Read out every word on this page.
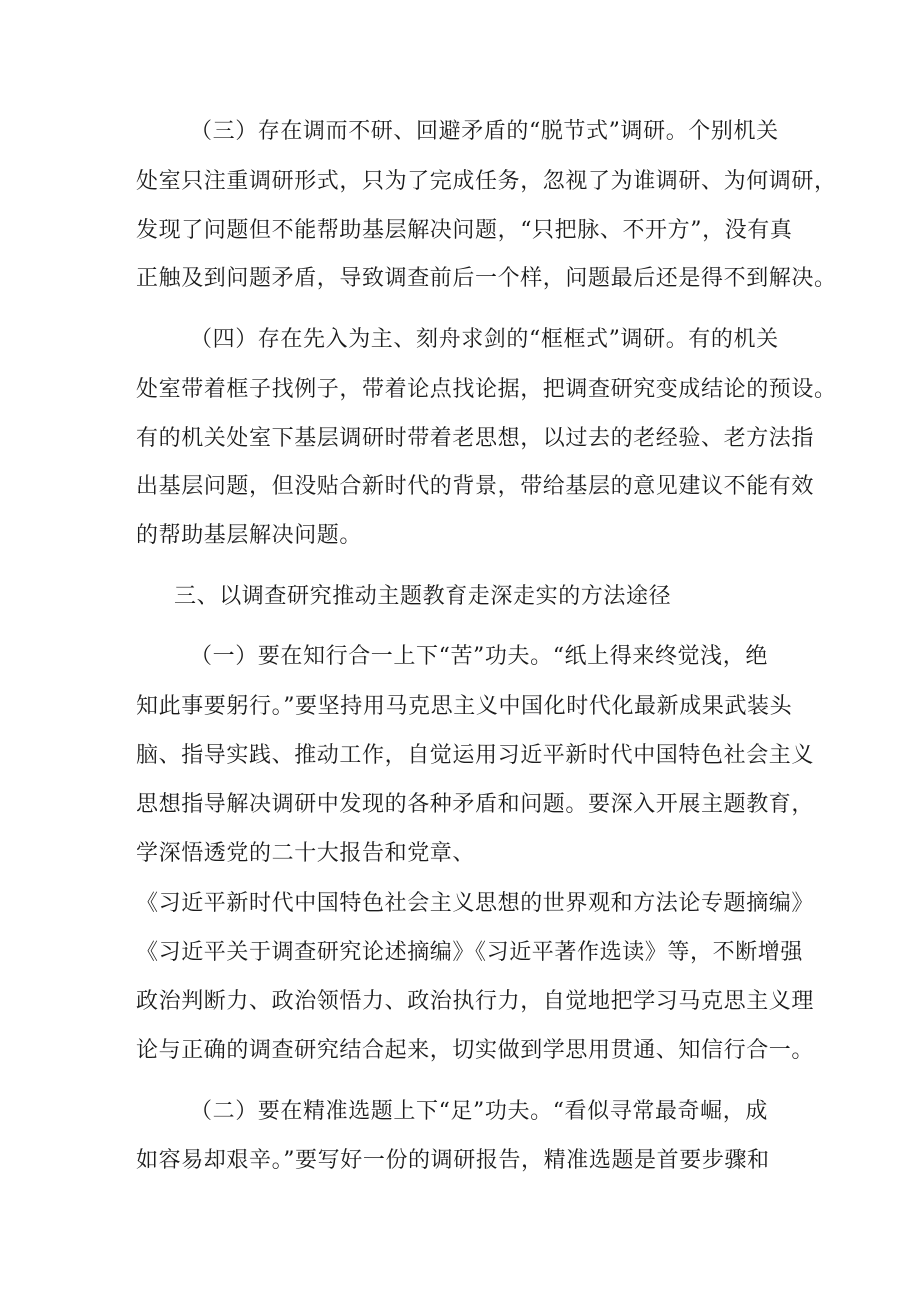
（三）存在调而不研、回避矛盾的“脱节式”调研。个别机关
处室只注重调研形式，只为了完成任务，忽视了为谁调研、为何调研，
发现了问题但不能帮助基层解决问题，“只把脉、不开方”，没有真
正触及到问题矛盾，导致调查前后一个样，问题最后还是得不到解决。
（四）存在先入为主、刻舟求剑的“框框式”调研。有的机关
处室带着框子找例子，带着论点找论据，把调查研究变成结论的预设。
有的机关处室下基层调研时带着老思想，以过去的老经验、老方法指
出基层问题，但没贴合新时代的背景，带给基层的意见建议不能有效
的帮助基层解决问题。
三、以调查研究推动主题教育走深走实的方法途径
（一）要在知行合一上下“苦”功夫。“纸上得来终觉浅，绝
知此事要躬行。”要坚持用马克思主义中国化时代化最新成果武装头
脑、指导实践、推动工作，自觉运用习近平新时代中国特色社会主义
思想指导解决调研中发现的各种矛盾和问题。要深入开展主题教育，
学深悟透党的二十大报告和党章、
《习近平新时代中国特色社会主义思想的世界观和方法论专题摘编》
《习近平关于调查研究论述摘编》《习近平著作选读》等，不断增强
政治判断力、政治领悟力、政治执行力，自觉地把学习马克思主义理
论与正确的调查研究结合起来，切实做到学思用贯通、知信行合一。
（二）要在精准选题上下“足”功夫。“看似寻常最奇崛，成
如容易却艰辛。”要写好一份的调研报告，精准选题是首要步骤和
